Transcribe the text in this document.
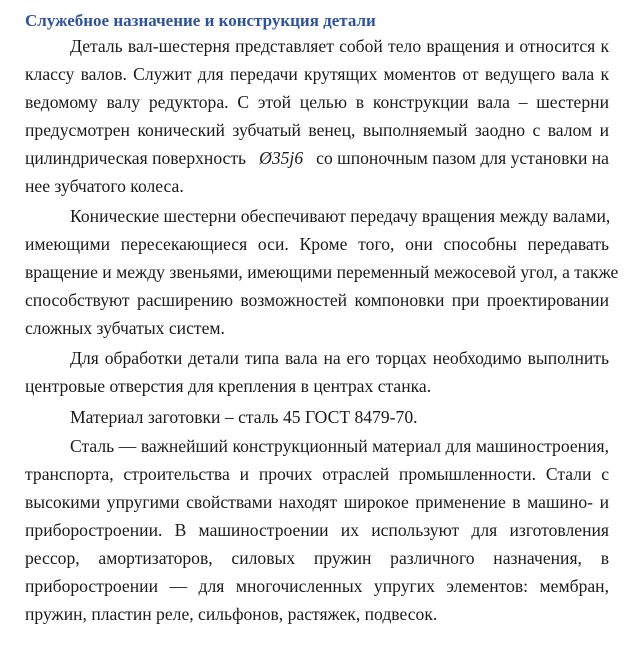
Служебное назначение и конструкция детали
Деталь вал-шестерня представляет собой тело вращения и относится к
классу валов. Служит для передачи крутящих моментов от ведущего вала к
ведомому валу редуктора. С этой целью в конструкции вала – шестерни
предусмотрен конический зубчатый венец, выполняемый заодно с валом и
цилиндрическая поверхность Ø35j6 со шпоночным пазом для установки на
нее зубчатого колеса.
Конические шестерни обеспечивают передачу вращения между валами,
имеющими пересекающиеся оси. Кроме того, они способны передавать
вращение и между звеньями, имеющими переменный межосевой угол, а также
способствуют расширению возможностей компоновки при проектировании
сложных зубчатых систем.
Для обработки детали типа вала на его торцах необходимо выполнить
центровые отверстия для крепления в центрах станка.
Материал заготовки – сталь 45 ГОСТ 8479-70.
Сталь — важнейший конструкционный материал для машиностроения,
транспорта, строительства и прочих отраслей промышленности. Стали с
высокими упругими свойствами находят широкое применение в машино- и
приборостроении. В машиностроении их используют для изготовления
рессор, амортизаторов, силовых пружин различного назначения, в
приборостроении — для многочисленных упругих элементов: мембран,
пружин, пластин реле, сильфонов, растяжек, подвесок.
